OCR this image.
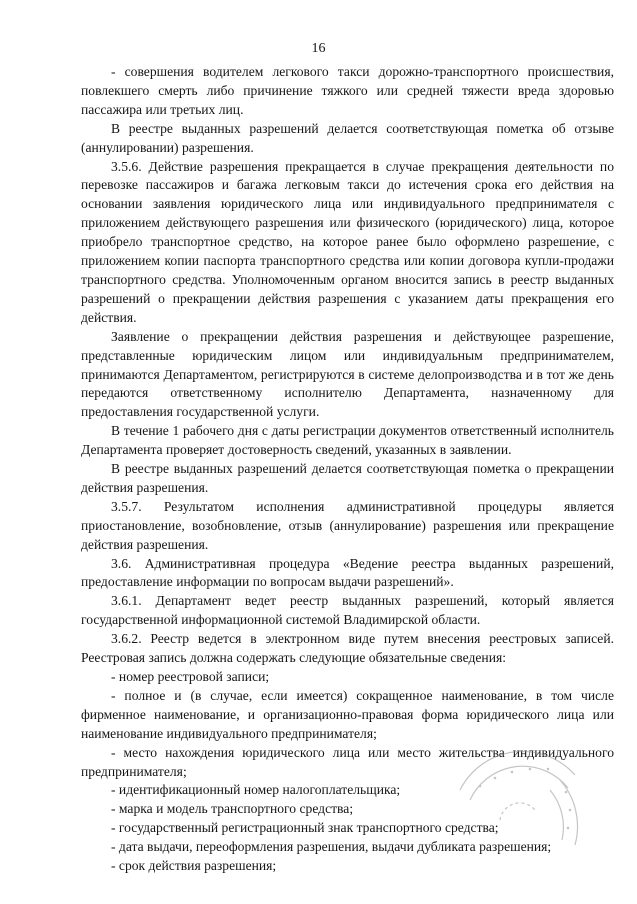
16

- совершения водителем легкового такси дорожно-транспортного происшествия, повлекшего смерть либо причинение тяжкого или средней тяжести вреда здоровью пассажира или третьих лиц.

В реестре выданных разрешений делается соответствующая пометка об отзыве (аннулировании) разрешения.

3.5.6. Действие разрешения прекращается в случае прекращения деятельности по перевозке пассажиров и багажа легковым такси до истечения срока его действия на основании заявления юридического лица или индивидуального предпринимателя с приложением действующего разрешения или физического (юридического) лица, которое приобрело транспортное средство, на которое ранее было оформлено разрешение, с приложением копии паспорта транспортного средства или копии договора купли-продажи транспортного средства. Уполномоченным органом вносится запись в реестр выданных разрешений о прекращении действия разрешения с указанием даты прекращения его действия.

Заявление о прекращении действия разрешения и действующее разрешение, представленные юридическим лицом или индивидуальным предпринимателем, принимаются Департаментом, регистрируются в системе делопроизводства и в тот же день передаются ответственному исполнителю Департамента, назначенному для предоставления государственной услуги.

В течение 1 рабочего дня с даты регистрации документов ответственный исполнитель Департамента проверяет достоверность сведений, указанных в заявлении.

В реестре выданных разрешений делается соответствующая пометка о прекращении действия разрешения.

3.5.7. Результатом исполнения административной процедуры является приостановление, возобновление, отзыв (аннулирование) разрешения или прекращение действия разрешения.

3.6. Административная процедура «Ведение реестра выданных разрешений, предоставление информации по вопросам выдачи разрешений».

3.6.1. Департамент ведет реестр выданных разрешений, который является государственной информационной системой Владимирской области.

3.6.2. Реестр ведется в электронном виде путем внесения реестровых записей. Реестровая запись должна содержать следующие обязательные сведения:

- номер реестровой записи;

- полное и (в случае, если имеется) сокращенное наименование, в том числе фирменное наименование, и организационно-правовая форма юридического лица или наименование индивидуального предпринимателя;

- место нахождения юридического лица или место жительства индивидуального предпринимателя;

- идентификационный номер налогоплательщика;

- марка и модель транспортного средства;

- государственный регистрационный знак транспортного средства;

- дата выдачи, переоформления разрешения, выдачи дубликата разрешения;

- срок действия разрешения;
